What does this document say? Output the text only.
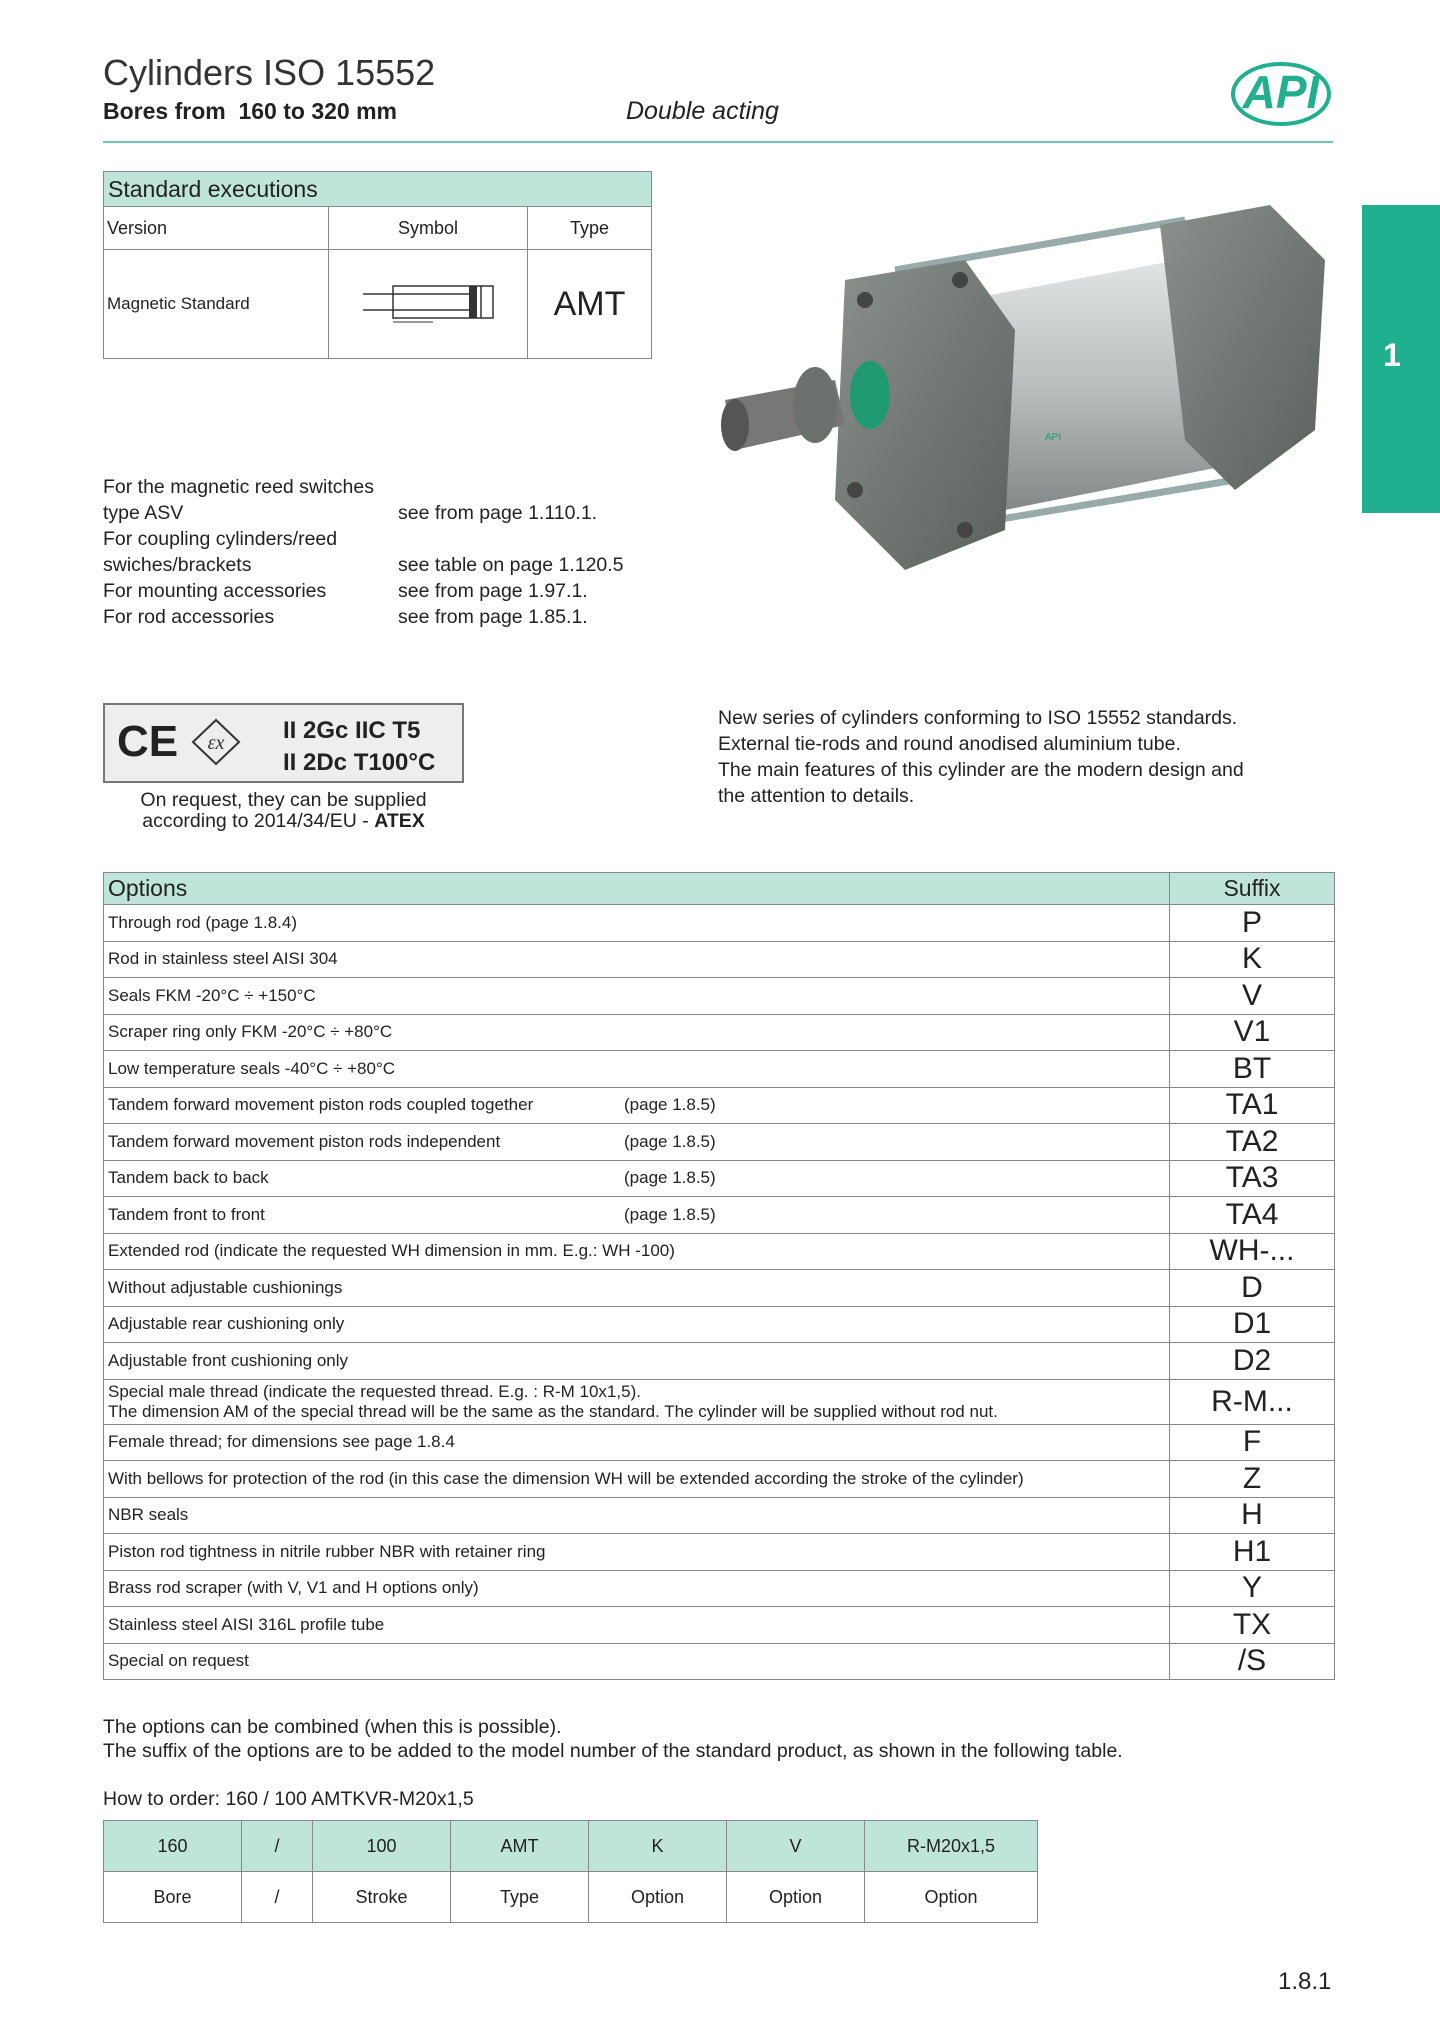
Cylinders ISO 15552
Bores from  160 to 320 mm	Double acting	API
1
Standard executions		
Version	Symbol	Type
Magnetic Standard		AMT
API
For the magnetic reed switches
type ASV	see from page 1.110.1.
For coupling cylinders/reed
swiches/brackets	see table on page 1.120.5
For mounting accessories	see from page 1.97.1.
For rod accessories	see from page 1.85.1.
CE εx II 2Gc IIC T5
II 2Dc T100°C
On request, they can be supplied according to 2014/34/EU - ATEX
New series of cylinders conforming to ISO 15552 standards.
External tie-rods and round anodised aluminium tube.
The main features of this cylinder are the modern design and
the attention to details.
Options	Suffix
Through rod (page 1.8.4)	P
Rod in stainless steel AISI 304	K
Seals FKM -20°C ÷ +150°C	V
Scraper ring only FKM -20°C ÷ +80°C	V1
Low temperature seals -40°C ÷ +80°C	BT
Tandem forward movement piston rods coupled together (page 1.8.5)	TA1
Tandem forward movement piston rods independent (page 1.8.5)	TA2
Tandem back to back (page 1.8.5)	TA3
Tandem front to front (page 1.8.5)	TA4
Extended rod (indicate the requested WH dimension in mm. E.g.: WH -100)	WH-...
Without adjustable cushionings	D
Adjustable rear cushioning only	D1
Adjustable front cushioning only	D2

Special male thread (indicate the requested thread. E.g. : R-M 10x1,5).
The dimension AM of the special thread will be the same as the standard. The cylinder will be supplied without rod nut.	R-M...
Female thread; for dimensions see page 1.8.4	F
With bellows for protection of the rod (in this case the dimension WH will be extended according the stroke of the cylinder)	Z
NBR seals	H
Piston rod tightness in nitrile rubber NBR with retainer ring	H1
Brass rod scraper (with V, V1 and H options only)	Y
Stainless steel AISI 316L profile tube	TX
Special on request	/S
The options can be combined (when this is possible).
The suffix of the options are to be added to the model number of the standard product, as shown in the following table.
How to order: 160 / 100 AMTKVR-M20x1,5
160	/	100	AMT	K	V	R-M20x1,5
Bore	/	Stroke	Type	Option	Option	Option
1.8.1
